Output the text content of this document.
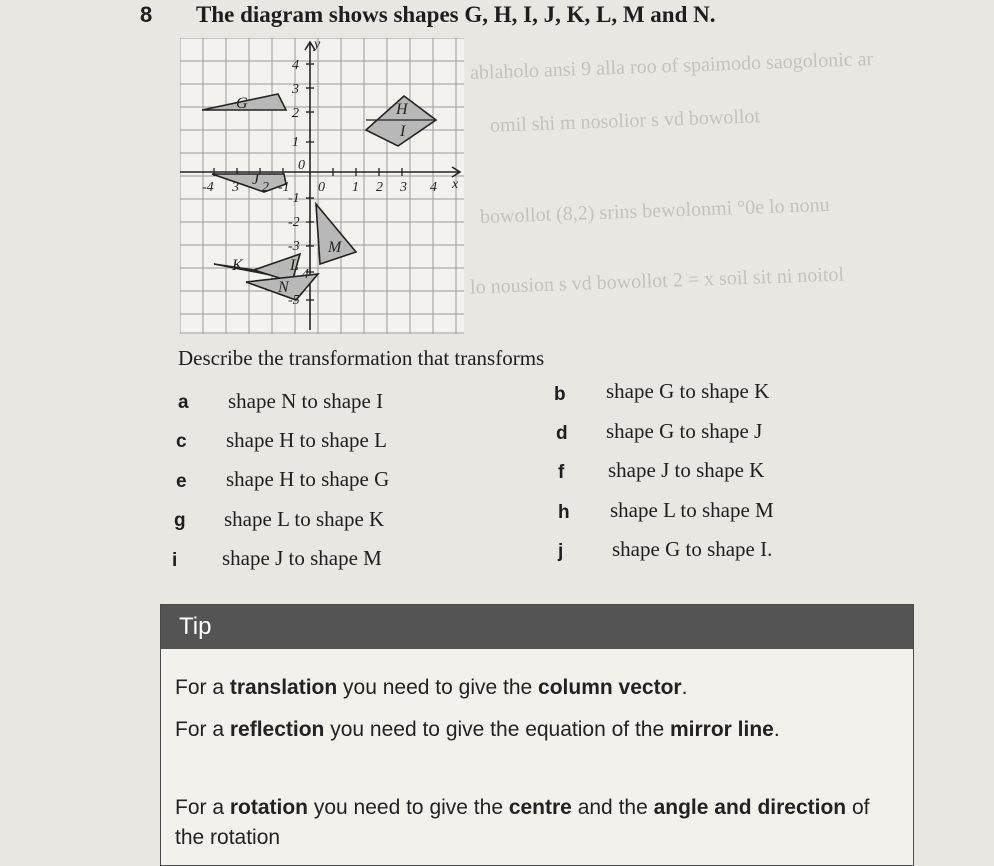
8 The diagram shows shapes G, H, I, J, K, L, M and N.
ablaholo ansi 9 alla roo of spaimodo saogolonic ar
omil s​hi m nosolior s vd bowollot
bowollot (8,2) srins bewolonmi °0e lo nonu
lo nousion s vd bowollot 2 = x soil sit ni noitol
-4 3 2 -1 0 1 2 3 4
4
3
2
1
0
-1
-2
-3
4
-5
x
y
G	H
I
J
K	L
M
N
Describe the transformation that transforms
a shape N to shape I	b shape G to shape K
c shape H to shape L	d shape G to shape J
e shape H to shape G	f shape J to shape K
g shape L to shape K	h shape L to shape M
i shape J to shape M	j shape G to shape I.
Tip
For a translation you need to give the column vector.
For a reflection you need to give the equation of the mirror line.
For a rotation you need to give the centre and the angle and direction of the rotation
